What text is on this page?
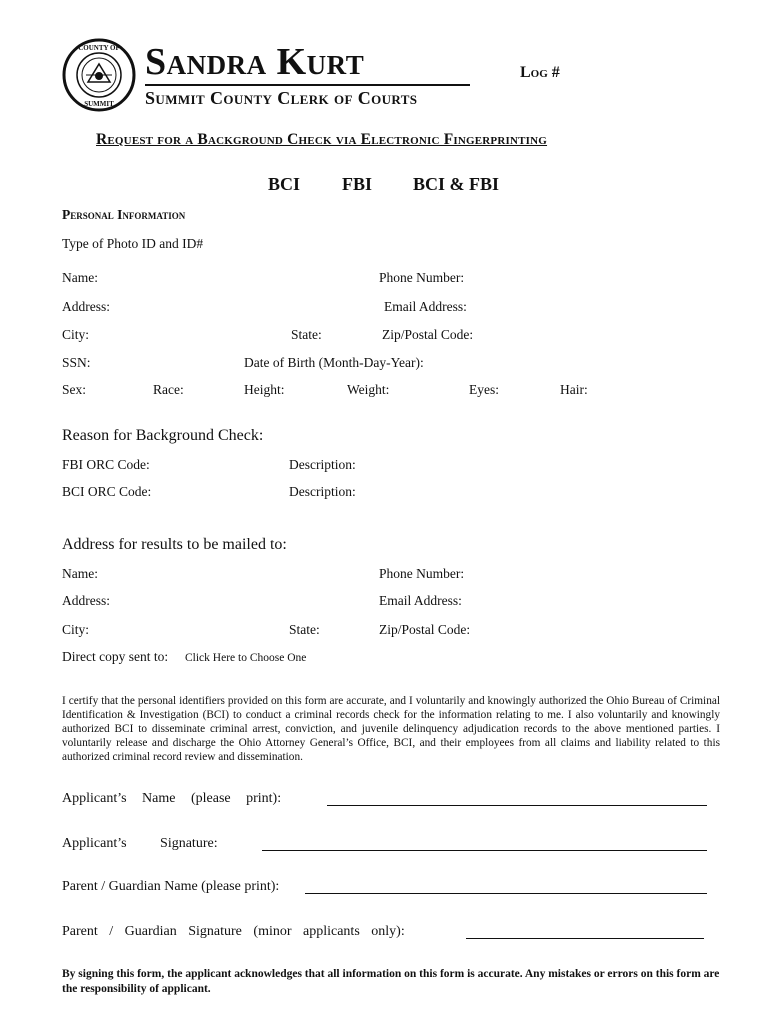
COUNTY OF
SUMMIT
Sandra Kurt
Summit County Clerk of Courts
Log #
Request for a Background Check via Electronic Fingerprinting
BCI FBI BCI & FBI
Personal Information
Type of Photo ID and ID#
Name:	Phone Number:
Address:	Email Address:
City:	State:	Zip/Postal Code:
SSN:	Date of Birth (Month-Day-Year):
Sex:	Race:	Height:	Weight:	Eyes:	Hair:
Reason for Background Check:
FBI ORC Code:	Description:
BCI ORC Code:	Description:
Address for results to be mailed to:
Name:	Phone Number:
Address:	Email Address:
City:	State:	Zip/Postal Code:
Direct copy sent to: Click Here to Choose One
I certify that the personal identifiers provided on this form are accurate, and I voluntarily and knowingly authorized the Ohio Bureau of Criminal Identification & Investigation (BCI) to conduct a criminal records check for the information relating to me. I also voluntarily and knowingly authorized BCI to disseminate criminal arrest, conviction, and juvenile delinquency adjudication records to the above mentioned parties. I voluntarily release and discharge the Ohio Attorney General’s Office, BCI, and their employees from all claims and liability related to this authorized criminal record review and dissemination.
Applicant’s Name (please print):
Applicant’s Signature:
Parent / Guardian Name (please print):
Parent / Guardian Signature (minor applicants only):
By signing this form, the applicant acknowledges that all information on this form is accurate. Any mistakes or errors on this form are the responsibility of applicant.
